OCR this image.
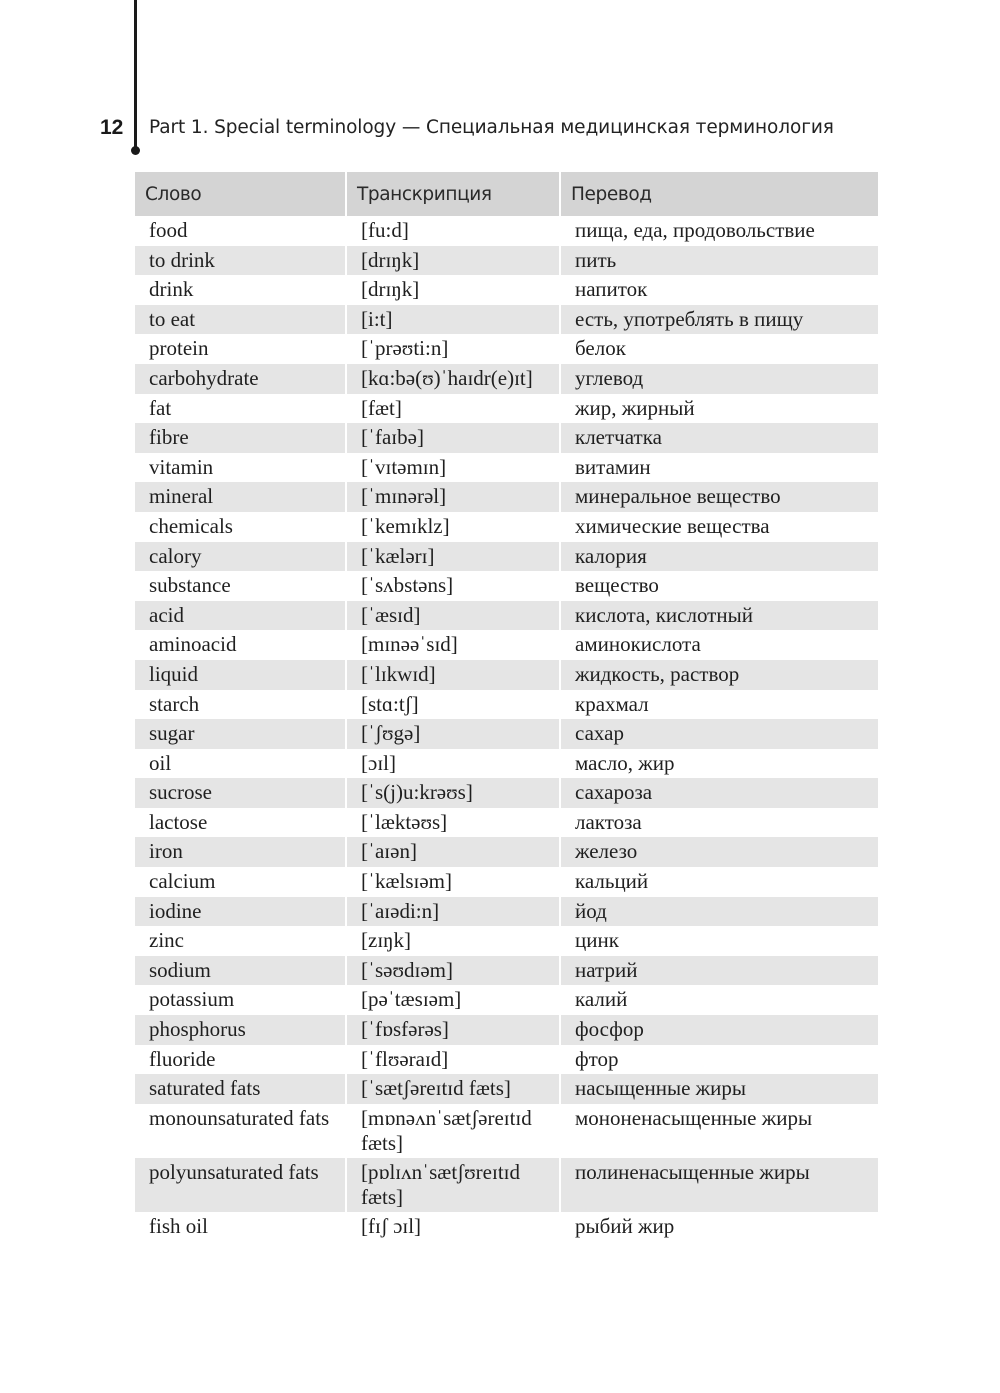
12 Part 1. Special terminology — Специальная медицинская терминология
Слово	Транскрипция	Перевод
food	[fu:d]	пища, еда, продовольствие
to drink	[drɪŋk]	пить
drink	[drɪŋk]	напиток
to eat	[i:t]	есть, употреблять в пищу
protein	[ˈprəʊti:n]	белок
carbohydrate	[kɑ:bə(ʊ)ˈhaɪdr(e)ɪt]	углевод
fat	[fæt]	жир, жирный
fibre	[ˈfaɪbə]	клетчатка
vitamin	[ˈvɪtəmɪn]	витамин
mineral	[ˈmɪnərəl]	минеральное вещество
chemicals	[ˈkemɪklz]	химические вещества
calory	[ˈkælərɪ]	калория
substance	[ˈsʌbstəns]	вещество
acid	[ˈæsɪd]	кислота, кислотный
aminoacid	[mɪnəəˈsɪd]	аминокислота
liquid	[ˈlɪkwɪd]	жидкость, раствор
starch	[stɑ:tʃ]	крахмал
sugar	[ˈʃʊgə]	сахар
oil	[ɔɪl]	масло, жир
sucrose	[ˈs(j)u:krəʊs]	сахароза
lactose	[ˈlæktəʊs]	лактоза
iron	[ˈaɪən]	железо
calcium	[ˈkælsɪəm]	кальций
iodine	[ˈaɪədi:n]	йод
zinc	[zɪŋk]	цинк
sodium	[ˈsəʊdɪəm]	натрий
potassium	[pəˈtæsɪəm]	калий
phosphorus	[ˈfɒsfərəs]	фосфор
fluoride	[ˈflʊəraɪd]	фтор
saturated fats	[ˈsætʃəreɪtɪd fæts]	насыщенные жиры
monounsaturated fats	[mɒnəʌnˈsætʃəreɪtɪd fæts]	мононенасыщенные жиры
polyunsaturated fats	[pɒlɪʌnˈsætʃʊreɪtɪd fæts]	полиненасыщенные жиры
fish oil	[fɪʃ ɔɪl]	рыбий жир
